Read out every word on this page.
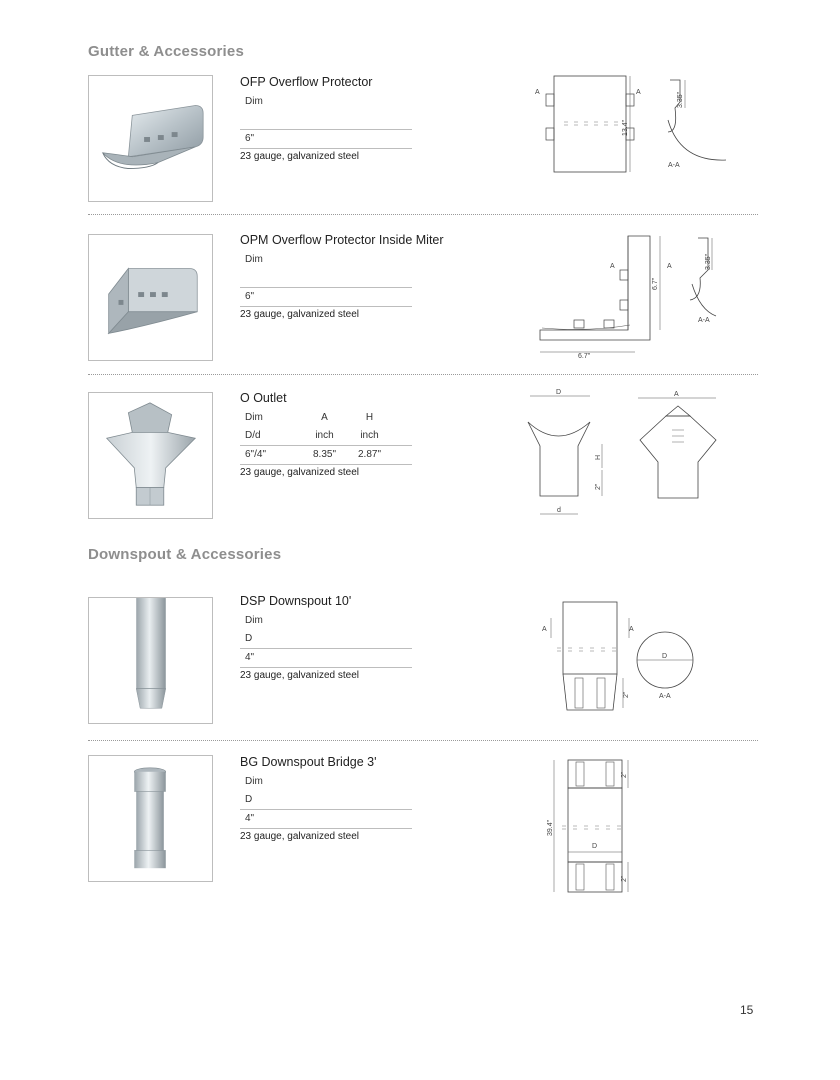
Gutter & Accessories
OFP Overflow Protector
Dim
6"
23 gauge, galvanized steel
A	A
13.4"
3.35"
A-A
OPM Overflow Protector Inside Miter
Dim
6"
23 gauge, galvanized steel
A	A
6.7"
6.7"
3.35"
A-A
O Outlet
Dim	A	H
D/d	inch	inch
6"/4"	8.35"	2.87"
23 gauge, galvanized steel
D
H
2"
d
A
Downspout & Accessories
DSP Downspout 10'
Dim
D
4"
23 gauge, galvanized steel
A	A
2"
D
A-A
BG Downspout Bridge 3'
Dim
D
4"
23 gauge, galvanized steel
D
39.4"
2"
2"
15
